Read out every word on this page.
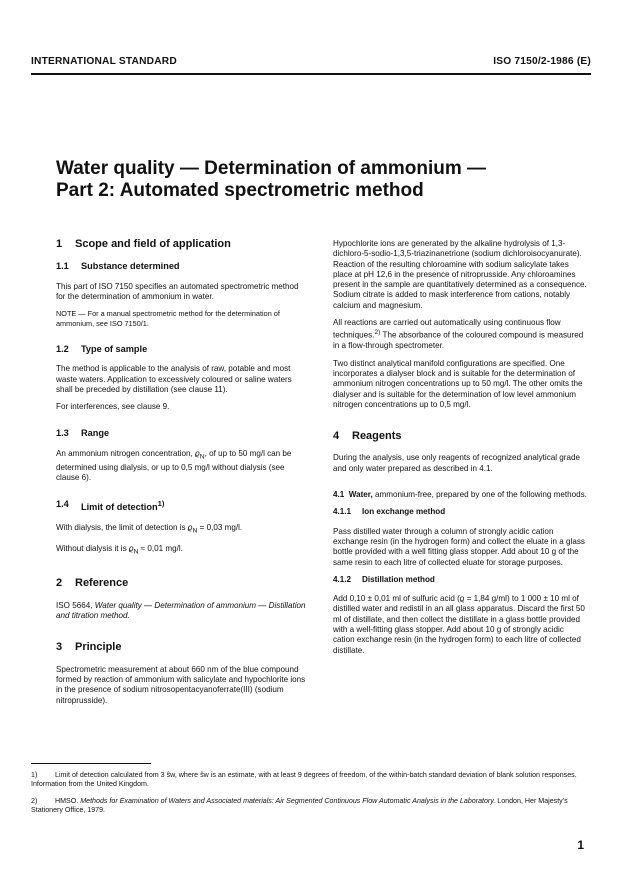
INTERNATIONAL STANDARD	ISO 7150/2-1986 (E)
Water quality — Determination of ammonium —
Part 2: Automated spectrometric method
1	Scope and field of application
1.1	Substance determined

This part of ISO 7150 specifies an automated spectrometric method for the determination of ammonium in water.

NOTE — For a manual spectrometric method for the determination of ammonium, see ISO 7150/1.

1.2	Type of sample

The method is applicable to the analysis of raw, potable and most waste waters. Application to excessively coloured or saline waters shall be preceded by distillation (see clause 11).

For interferences, see clause 9.

1.3	Range

An ammonium nitrogen concentration, $ϱ_N$, of up to 50 mg/l can be determined using dialysis, or up to 0,5 mg/l without dialysis (see clause 6).

1.4	Limit of detection$^{1)}$

With dialysis, the limit of detection is $ϱ_N = 0,03$ mg/l.

Without dialysis it is $ϱ_N \approx 0,01$ mg/l.

2	Reference

ISO 5664, Water quality — Determination of ammonium — Distillation and titration method.

3	Principle

Spectrometric measurement at about 660 nm of the blue compound formed by reaction of ammonium with salicylate and hypochlorite ions in the presence of sodium nitrosopentacyanoferrate(III) (sodium nitroprusside).

Hypochlorite ions are generated by the alkaline hydrolysis of 1,3-dichloro-5-sodio-1,3,5-triazinanetrione (sodium dichloroisocyanurate). Reaction of the resulting chloroamine with sodium salicylate takes place at pH 12,6 in the presence of nitroprusside. Any chloroamines present in the sample are quantitatively determined as a consequence. Sodium citrate is added to mask interference from cations, notably calcium and magnesium.

All reactions are carried out automatically using continuous flow techniques.$^{2)}$ The absorbance of the coloured compound is measured in a flow-through spectrometer.

Two distinct analytical manifold configurations are specified. One incorporates a dialyser block and is suitable for the determination of ammonium nitrogen concentrations up to 50 mg/l. The other omits the dialyser and is suitable for the determination of low level ammonium nitrogen concentrations up to 0,5 mg/l.

4	Reagents

During the analysis, use only reagents of recognized analytical grade and only water prepared as described in 4.1.

4.1 Water, ammonium-free, prepared by one of the following methods.

4.1.1	Ion exchange method

Pass distilled water through a column of strongly acidic cation exchange resin (in the hydrogen form) and collect the eluate in a glass bottle provided with a well fitting glass stopper. Add about 10 g of the same resin to each litre of collected eluate for storage purposes.

4.1.2	Distillation method

Add 0,10 ± 0,01 ml of sulfuric acid (ϱ = 1,84 g/ml) to 1 000 ± 10 ml of distilled water and redistil in an all glass apparatus. Discard the first 50 ml of distillate, and then collect the distillate in a glass bottle provided with a well-fitting glass stopper. Add about 10 g of strongly acidic cation exchange resin (in the hydrogen form) to each litre of collected distillate.

1) Limit of detection calculated from 3 ŝw, where ŝw is an estimate, with at least 9 degrees of freedom, of the within-batch standard deviation of blank solution responses. Information from the United Kingdom.
2) HMSO. Methods for Examination of Waters and Associated materials: Air Segmented Continuous Flow Automatic Analysis in the Laboratory. London, Her Majesty's Stationery Office, 1979.
1
